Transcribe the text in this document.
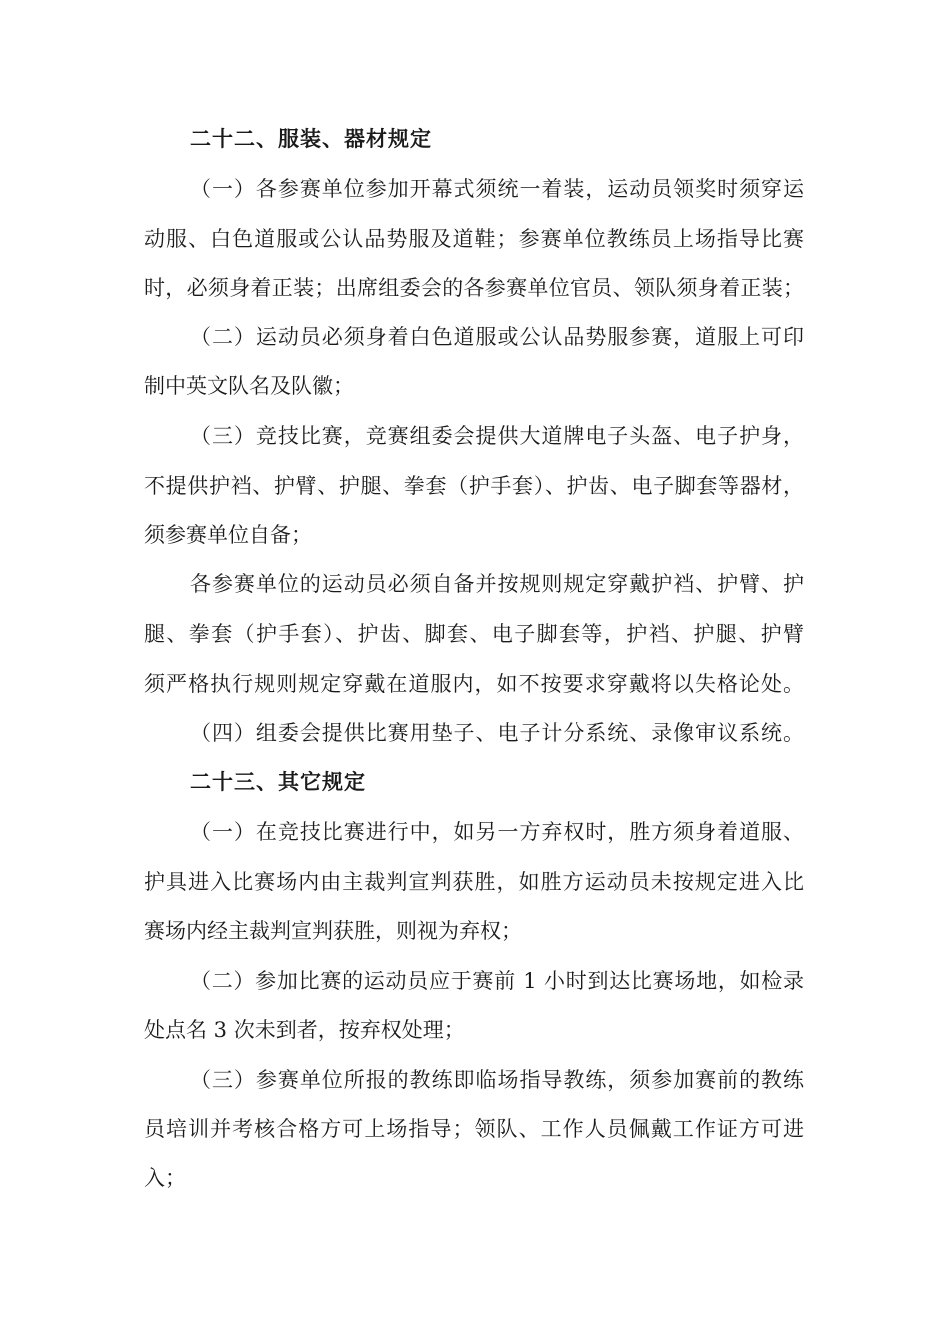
二十二、服装、器材规定
（一）各参赛单位参加开幕式须统一着装，运动员领奖时须穿运
动服、白色道服或公认品势服及道鞋；参赛单位教练员上场指导比赛
时，必须身着正装；出席组委会的各参赛单位官员、领队须身着正装；
（二）运动员必须身着白色道服或公认品势服参赛，道服上可印
制中英文队名及队徽；
（三）竞技比赛，竞赛组委会提供大道牌电子头盔、电子护身，
不提供护裆、护臂、护腿、拳套（护手套）、护齿、电子脚套等器材，
须参赛单位自备；
各参赛单位的运动员必须自备并按规则规定穿戴护裆、护臂、护
腿、拳套（护手套）、护齿、脚套、电子脚套等，护裆、护腿、护臂
须严格执行规则规定穿戴在道服内，如不按要求穿戴将以失格论处。
（四）组委会提供比赛用垫子、电子计分系统、录像审议系统。
二十三、其它规定
（一）在竞技比赛进行中，如另一方弃权时，胜方须身着道服、
护具进入比赛场内由主裁判宣判获胜，如胜方运动员未按规定进入比
赛场内经主裁判宣判获胜，则视为弃权；
（二）参加比赛的运动员应于赛前 1 小时到达比赛场地，如检录
处点名 3 次未到者，按弃权处理；
（三）参赛单位所报的教练即临场指导教练，须参加赛前的教练
员培训并考核合格方可上场指导；领队、工作人员佩戴工作证方可进
入；
